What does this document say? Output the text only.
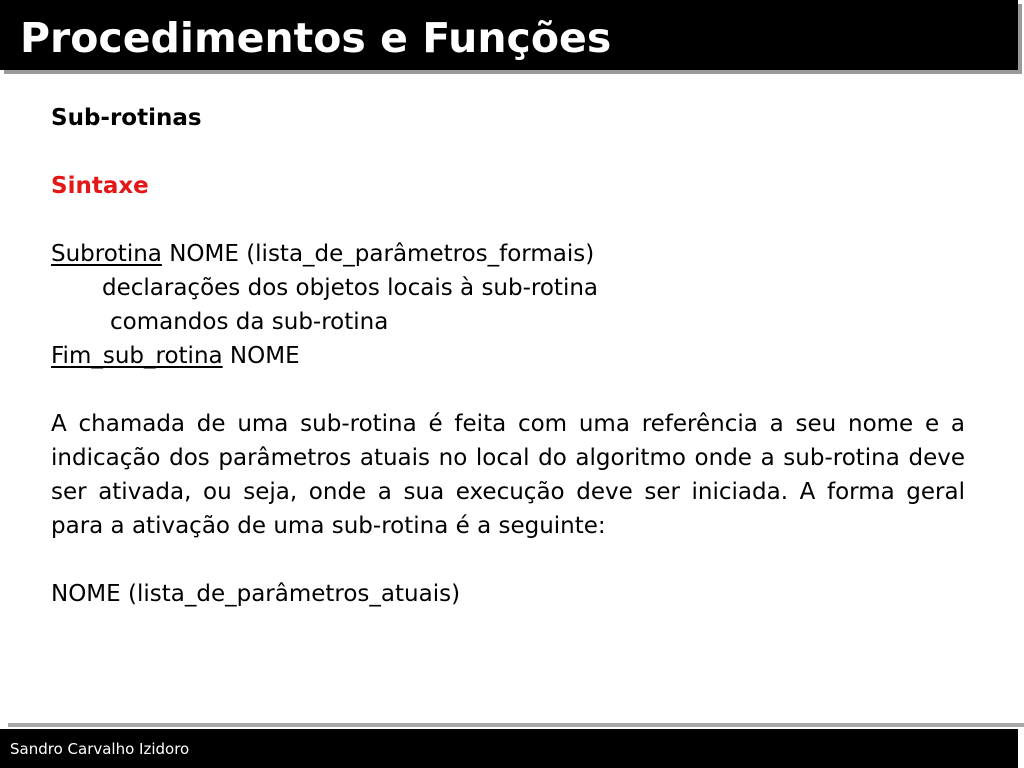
Procedimentos e Funções

Sub-rotinas

Sintaxe

Subrotina NOME (lista_de_parâmetros_formais)

declarações dos objetos locais à sub-rotina

comandos da sub-rotina

Fim_sub_rotina NOME

A chamada de uma sub-rotina é feita com uma referência a seu nome e a indicação dos parâmetros atuais no local do algoritmo onde a sub-rotina deve ser ativada, ou seja, onde a sua execução deve ser iniciada. A forma geral para a ativação de uma sub-rotina é a seguinte:

NOME (lista_de_parâmetros_atuais)

Sandro Carvalho Izidoro
